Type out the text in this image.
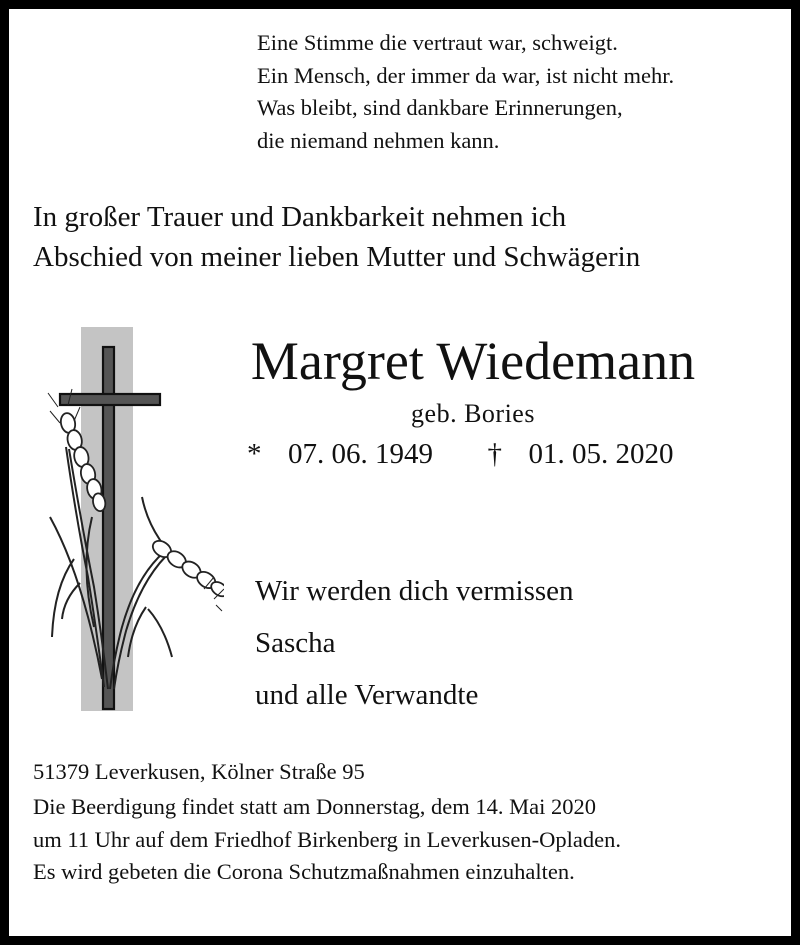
Eine Stimme die vertraut war, schweigt.
Ein Mensch, der immer da war, ist nicht mehr.
Was bleibt, sind dankbare Erinnerungen,
die niemand nehmen kann.
In großer Trauer und Dankbarkeit nehmen ich
Abschied von meiner lieben Mutter und Schwägerin
Margret Wiedemann
geb. Bories
* 07. 06. 1949 † 01. 05. 2020
Wir werden dich vermissen
Sascha
und alle Verwandte
51379 Leverkusen, Kölner Straße 95
Die Beerdigung findet statt am Donnerstag, dem 14. Mai 2020
um 11 Uhr auf dem Friedhof Birkenberg in Leverkusen-Opladen.
Es wird gebeten die Corona Schutzmaßnahmen einzuhalten.
